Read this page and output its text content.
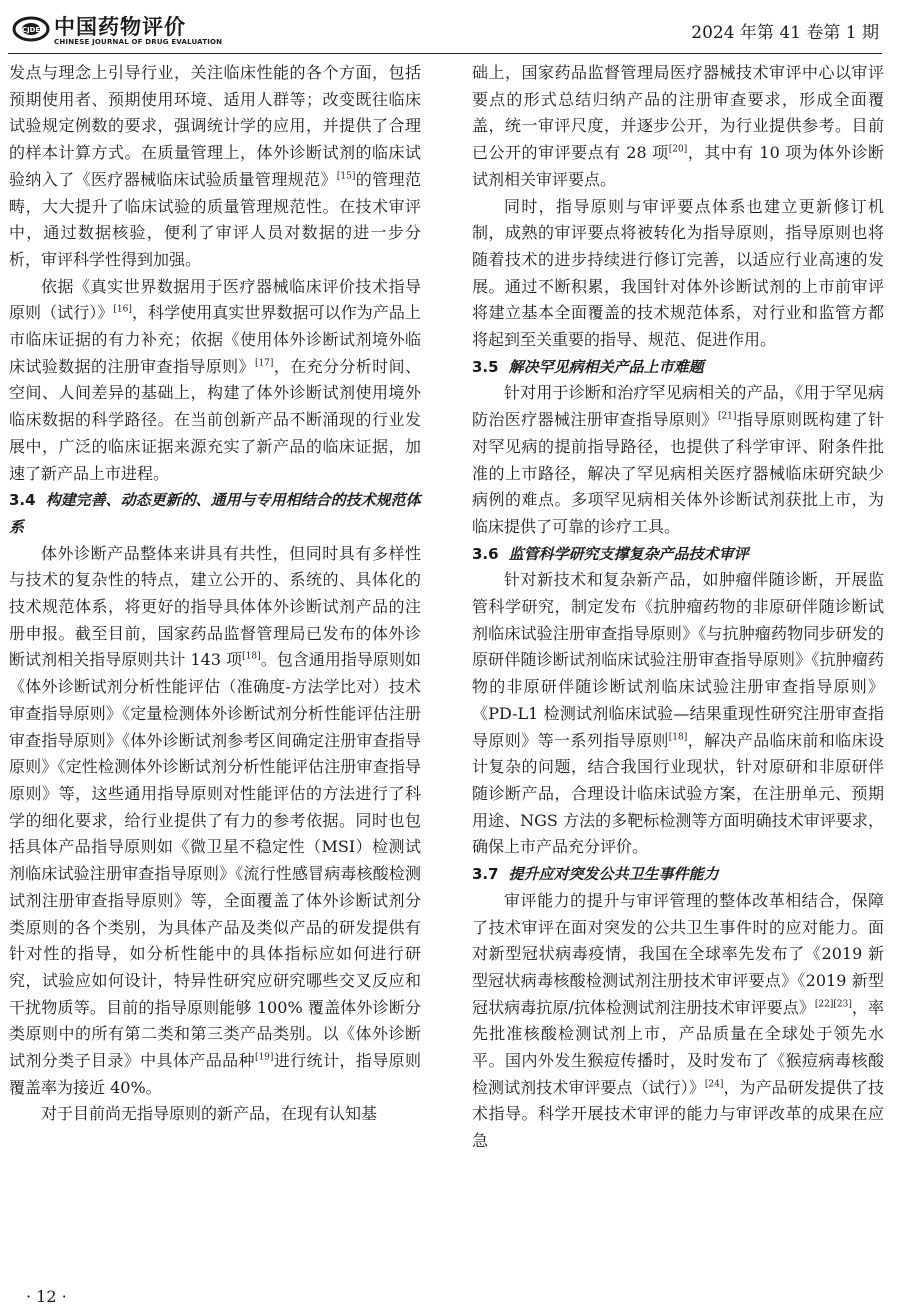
CJDE 中国药物评价
CHINESE JOURNAL OF DRUG EVALUATION	2024 年第 41 卷第 1 期

发点与理念上引导行业，关注临床性能的各个方面，包括预期使用者、预期使用环境、适用人群等；改变既往临床试验规定例数的要求，强调统计学的应用，并提供了合理的样本计算方式。在质量管理上，体外诊断试剂的临床试验纳入了《医疗器械临床试验质量管理规范》[15]的管理范畴，大大提升了临床试验的质量管理规范性。在技术审评中，通过数据核验，便利了审评人员对数据的进一步分析，审评科学性得到加强。

依据《真实世界数据用于医疗器械临床评价技术指导原则（试行）》[16]，科学使用真实世界数据可以作为产品上市临床证据的有力补充；依据《使用体外诊断试剂境外临床试验数据的注册审查指导原则》[17]，在充分分析时间、空间、人间差异的基础上，构建了体外诊断试剂使用境外临床数据的科学路径。在当前创新产品不断涌现的行业发展中，广泛的临床证据来源充实了新产品的临床证据，加速了新产品上市进程。

3.4 构建完善、动态更新的、通用与专用相结合的技术规范体系

体外诊断产品整体来讲具有共性，但同时具有多样性与技术的复杂性的特点，建立公开的、系统的、具体化的技术规范体系，将更好的指导具体体外诊断试剂产品的注册申报。截至目前，国家药品监督管理局已发布的体外诊断试剂相关指导原则共计 143 项[18]。包含通用指导原则如《体外诊断试剂分析性能评估（准确度-方法学比对）技术审查指导原则》《定量检测体外诊断试剂分析性能评估注册审查指导原则》《体外诊断试剂参考区间确定注册审查指导原则》《定性检测体外诊断试剂分析性能评估注册审查指导原则》等，这些通用指导原则对性能评估的方法进行了科学的细化要求，给行业提供了有力的参考依据。同时也包括具体产品指导原则如《微卫星不稳定性（MSI）检测试剂临床试验注册审查指导原则》《流行性感冒病毒核酸检测试剂注册审查指导原则》等，全面覆盖了体外诊断试剂分类原则的各个类别，为具体产品及类似产品的研发提供有针对性的指导，如分析性能中的具体指标应如何进行研究，试验应如何设计，特异性研究应研究哪些交叉反应和干扰物质等。目前的指导原则能够 100% 覆盖体外诊断分类原则中的所有第二类和第三类产品类别。以《体外诊断试剂分类子目录》中具体产品品种[19]进行统计，指导原则覆盖率为接近 40%。

对于目前尚无指导原则的新产品，在现有认知基

础上，国家药品监督管理局医疗器械技术审评中心以审评要点的形式总结归纳产品的注册审查要求，形成全面覆盖，统一审评尺度，并逐步公开，为行业提供参考。目前已公开的审评要点有 28 项[20]，其中有 10 项为体外诊断试剂相关审评要点。

同时，指导原则与审评要点体系也建立更新修订机制，成熟的审评要点将被转化为指导原则，指导原则也将随着技术的进步持续进行修订完善，以适应行业高速的发展。通过不断积累，我国针对体外诊断试剂的上市前审评将建立基本全面覆盖的技术规范体系，对行业和监管方都将起到至关重要的指导、规范、促进作用。

3.5 解决罕见病相关产品上市难题

针对用于诊断和治疗罕见病相关的产品，《用于罕见病防治医疗器械注册审查指导原则》[21]指导原则既构建了针对罕见病的提前指导路径，也提供了科学审评、附条件批准的上市路径，解决了罕见病相关医疗器械临床研究缺少病例的难点。多项罕见病相关体外诊断试剂获批上市，为临床提供了可靠的诊疗工具。

3.6 监管科学研究支撑复杂产品技术审评

针对新技术和复杂新产品，如肿瘤伴随诊断，开展监管科学研究，制定发布《抗肿瘤药物的非原研伴随诊断试剂临床试验注册审查指导原则》《与抗肿瘤药物同步研发的原研伴随诊断试剂临床试验注册审查指导原则》《抗肿瘤药物的非原研伴随诊断试剂临床试验注册审查指导原则》《PD-L1 检测试剂临床试验—结果重现性研究注册审查指导原则》等一系列指导原则[18]，解决产品临床前和临床设计复杂的问题，结合我国行业现状，针对原研和非原研伴随诊断产品，合理设计临床试验方案，在注册单元、预期用途、NGS 方法的多靶标检测等方面明确技术审评要求，确保上市产品充分评价。

3.7 提升应对突发公共卫生事件能力

审评能力的提升与审评管理的整体改革相结合，保障了技术审评在面对突发的公共卫生事件时的应对能力。面对新型冠状病毒疫情，我国在全球率先发布了《2019 新型冠状病毒核酸检测试剂注册技术审评要点》《2019 新型冠状病毒抗原/抗体检测试剂注册技术审评要点》[22][23]，率先批准核酸检测试剂上市，产品质量在全球处于领先水平。国内外发生猴痘传播时，及时发布了《猴痘病毒核酸检测试剂技术审评要点（试行）》[24]，为产品研发提供了技术指导。科学开展技术审评的能力与审评改革的成果在应急

· 12 ·
